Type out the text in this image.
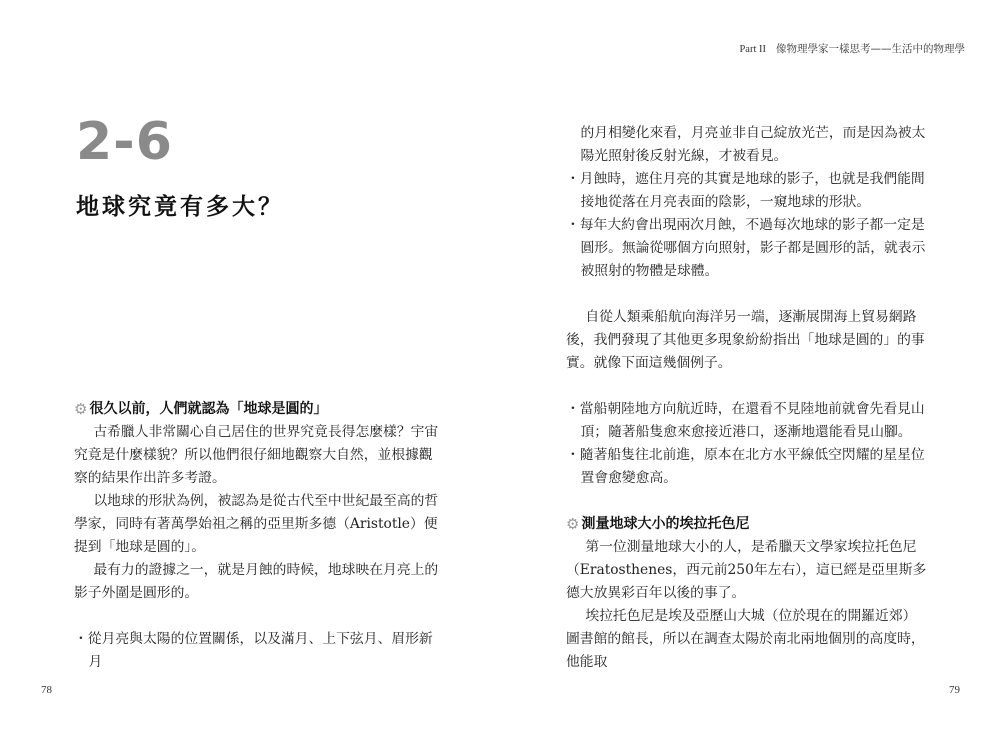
Part II 像物理學家一樣思考——生活中的物理學
2-6
地球究竟有多大？
⚙ 很久以前，人們就認為「地球是圓的」

古希臘人非常關心自己居住的世界究竟長得怎麼樣？宇宙究竟是什麼樣貌？所以他們很仔細地觀察大自然，並根據觀察的結果作出許多考證。

以地球的形狀為例，被認為是從古代至中世紀最至高的哲學家，同時有著萬學始祖之稱的亞里斯多德（Aristotle）便提到「地球是圓的」。

最有力的證據之一，就是月蝕的時候，地球映在月亮上的影子外圍是圓形的。

・從月亮與太陽的位置關係，以及滿月、上下弦月、眉形新月

的月相變化來看，月亮並非自己綻放光芒，而是因為被太陽光照射後反射光線，才被看見。

・月蝕時，遮住月亮的其實是地球的影子，也就是我們能間接地從落在月亮表面的陰影，一窺地球的形狀。

・每年大約會出現兩次月蝕，不過每次地球的影子都一定是圓形。無論從哪個方向照射，影子都是圓形的話，就表示被照射的物體是球體。

自從人類乘船航向海洋另一端，逐漸展開海上貿易網路後，我們發現了其他更多現象紛紛指出「地球是圓的」的事實。就像下面這幾個例子。

・當船朝陸地方向航近時，在還看不見陸地前就會先看見山頂；隨著船隻愈來愈接近港口，逐漸地還能看見山腳。

・隨著船隻往北前進，原本在北方水平線低空閃耀的星星位置會愈變愈高。

⚙ 測量地球大小的埃拉托色尼

第一位測量地球大小的人，是希臘天文學家埃拉托色尼（Eratosthenes，西元前250年左右），這已經是亞里斯多德大放異彩百年以後的事了。

埃拉托色尼是埃及亞歷山大城（位於現在的開羅近郊）圖書館的館長，所以在調查太陽於南北兩地個別的高度時，他能取

78	79
